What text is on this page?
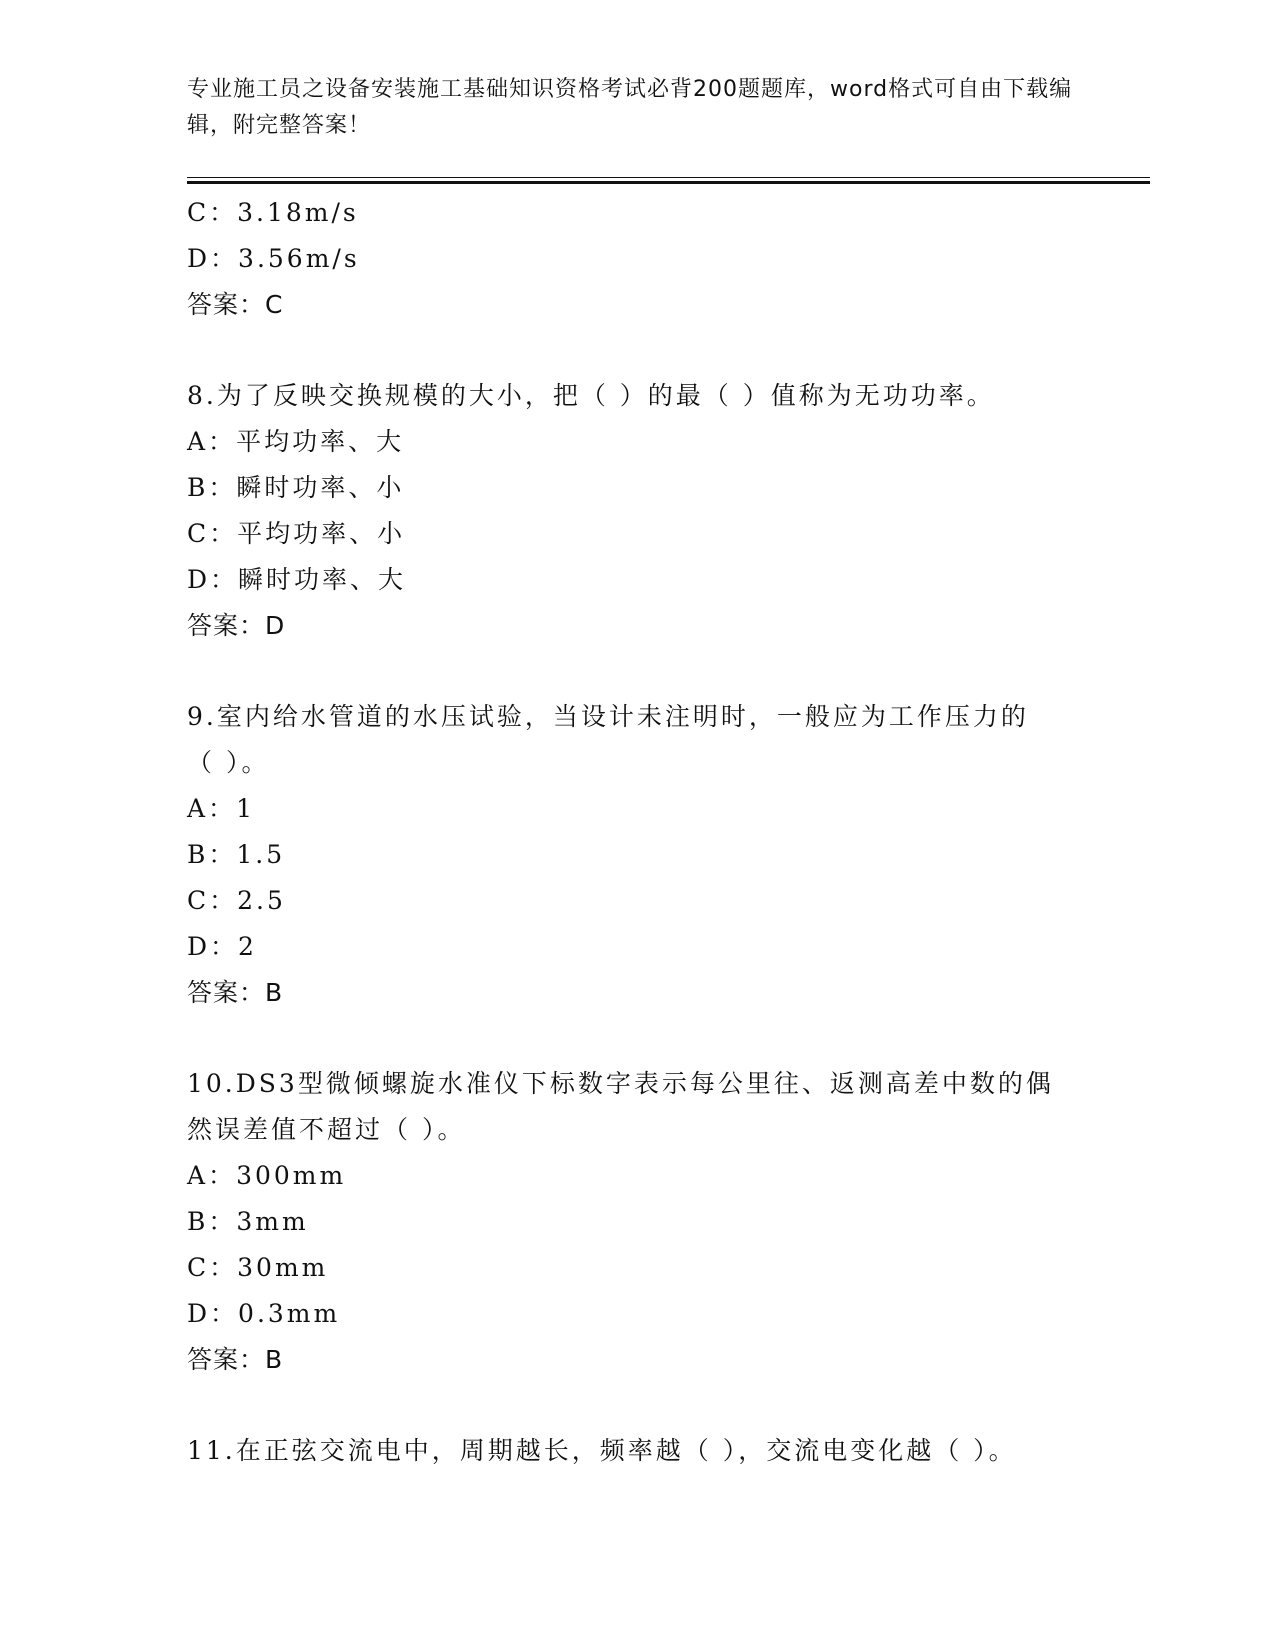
专业施工员之设备安装施工基础知识资格考试必背200题题库，word格式可自由下载编辑，附完整答案！
C：3.18m/s
D：3.56m/s
答案：C
8.为了反映交换规模的大小，把（ ）的最（ ）值称为无功功率。
A：平均功率、大
B：瞬时功率、小
C：平均功率、小
D：瞬时功率、大
答案：D
9.室内给水管道的水压试验，当设计未注明时，一般应为工作压力的
（ ）。
A：1
B：1.5
C：2.5
D：2
答案：B
10.DS3型微倾螺旋水准仪下标数字表示每公里往、返测高差中数的偶
然误差值不超过（ ）。
A：300mm
B：3mm
C：30mm
D：0.3mm
答案：B
11.在正弦交流电中，周期越长，频率越（ ），交流电变化越（ ）。
